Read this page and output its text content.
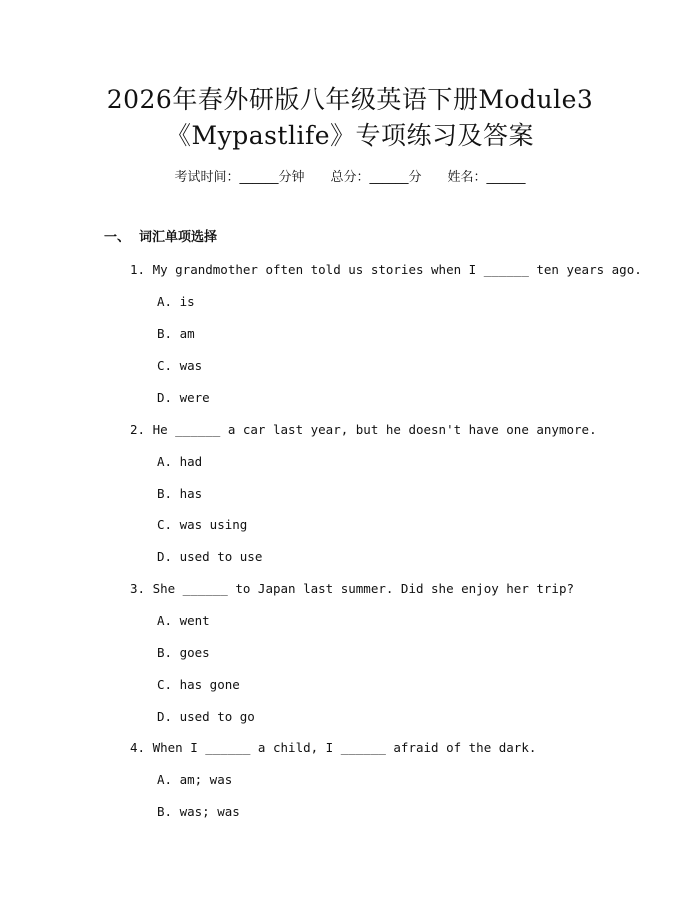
2026年春外研版八年级英语下册Module3
《Mypastlife》专项练习及答案
考试时间：______分钟 总分：______分 姓名：______
一、  词汇单项选择
1. My grandmother often told us stories when I ______ ten years ago.
A. is
B. am
C. was
D. were
2. He ______ a car last year, but he doesn't have one anymore.
A. had
B. has
C. was using
D. used to use
3. She ______ to Japan last summer. Did she enjoy her trip?
A. went
B. goes
C. has gone
D. used to go
4. When I ______ a child, I ______ afraid of the dark.
A. am; was
B. was; was
